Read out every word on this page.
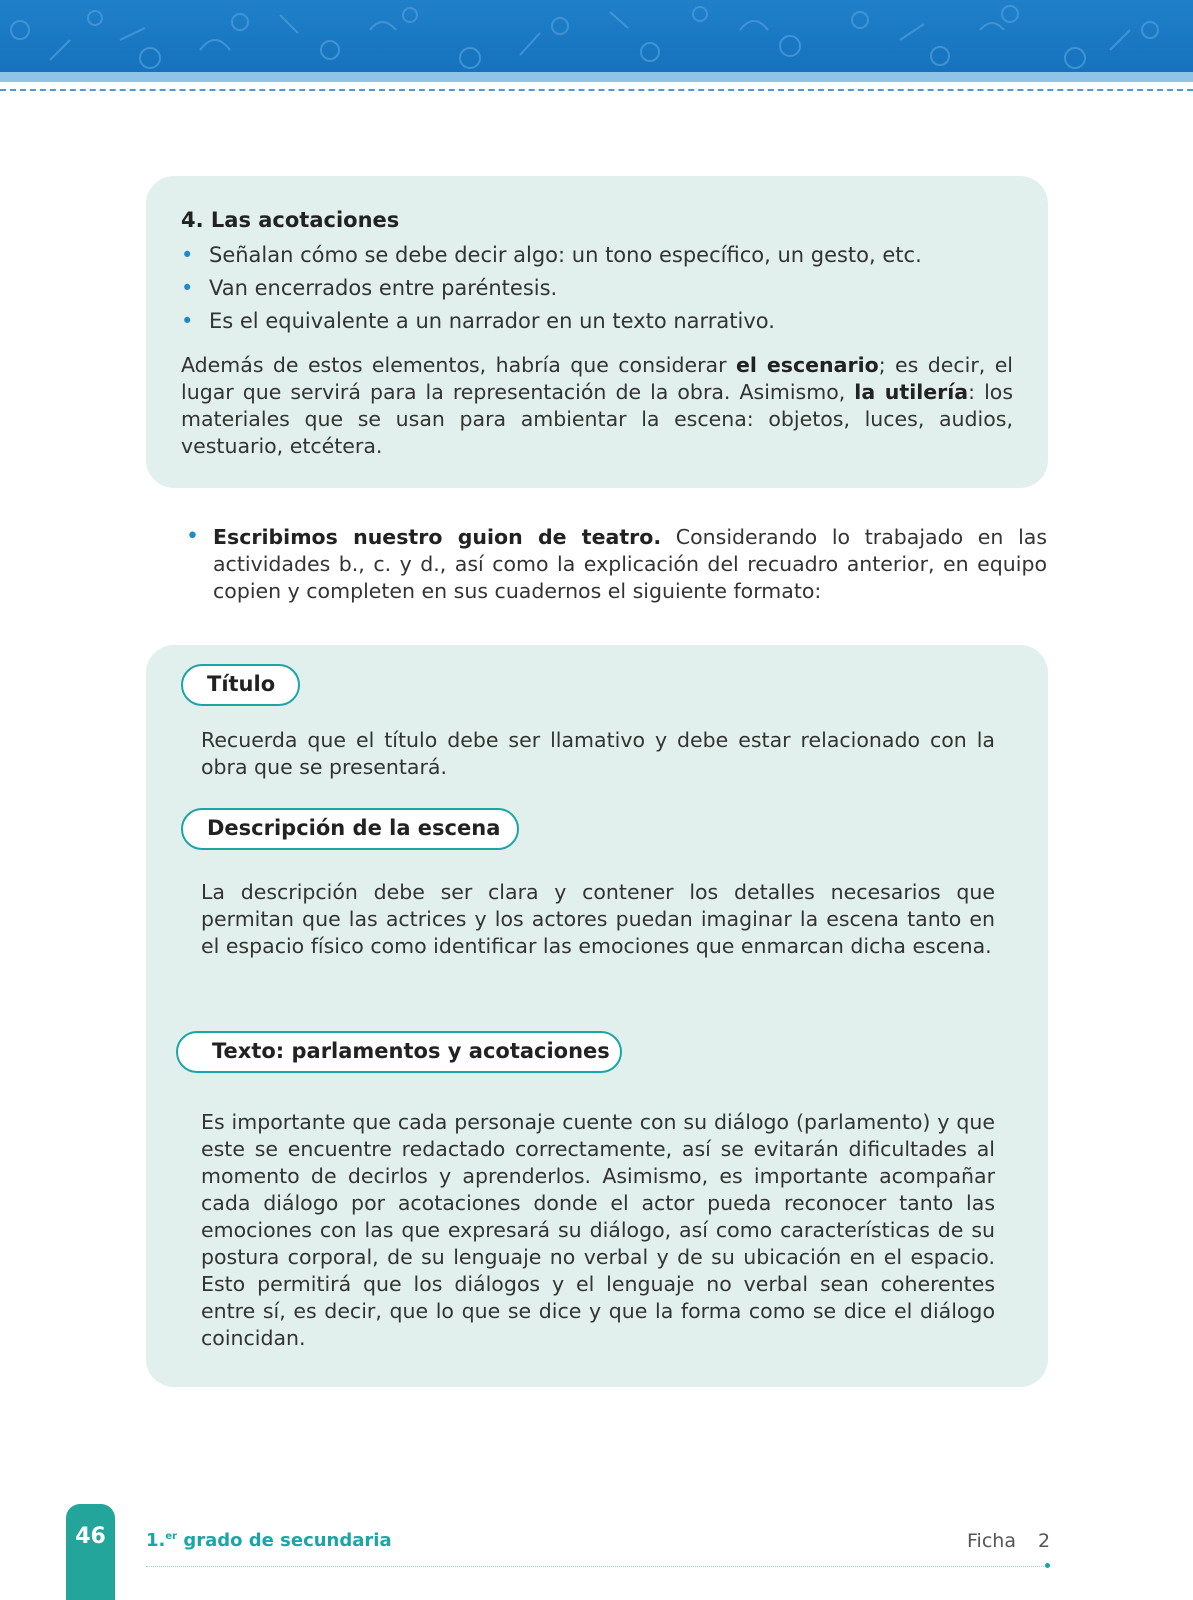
4. Las acotaciones
• Señalan cómo se debe decir algo: un tono específico, un gesto, etc.
• Van encerrados entre paréntesis.
• Es el equivalente a un narrador en un texto narrativo.
Además de estos elementos, habría que considerar el escenario; es decir, el lugar que servirá para la representación de la obra. Asimismo, la utilería: los materiales que se usan para ambientar la escena: objetos, luces, audios, vestuario, etcétera.
• Escribimos nuestro guion de teatro. Considerando lo trabajado en las actividades b., c. y d., así como la explicación del recuadro anterior, en equipo copien y completen en sus cuadernos el siguiente formato:
Título
Recuerda que el título debe ser llamativo y debe estar relacionado con la obra que se presentará.
Descripción de la escena
La descripción debe ser clara y contener los detalles necesarios que permitan que las actrices y los actores puedan imaginar la escena tanto en el espacio físico como identificar las emociones que enmarcan dicha escena.
Texto: parlamentos y acotaciones
Es importante que cada personaje cuente con su diálogo (parlamento) y que este se encuentre redactado correctamente, así se evitarán dificultades al momento de decirlos y aprenderlos. Asimismo, es importante acompañar cada diálogo por acotaciones donde el actor pueda reconocer tanto las emociones con las que expresará su diálogo, así como características de su postura corporal, de su lenguaje no verbal y de su ubicación en el espacio. Esto permitirá que los diálogos y el lenguaje no verbal sean coherentes entre sí, es decir, que lo que se dice y que la forma como se dice el diálogo coincidan.
46	1.$^{er}$ grado de secundaria	Ficha 2
